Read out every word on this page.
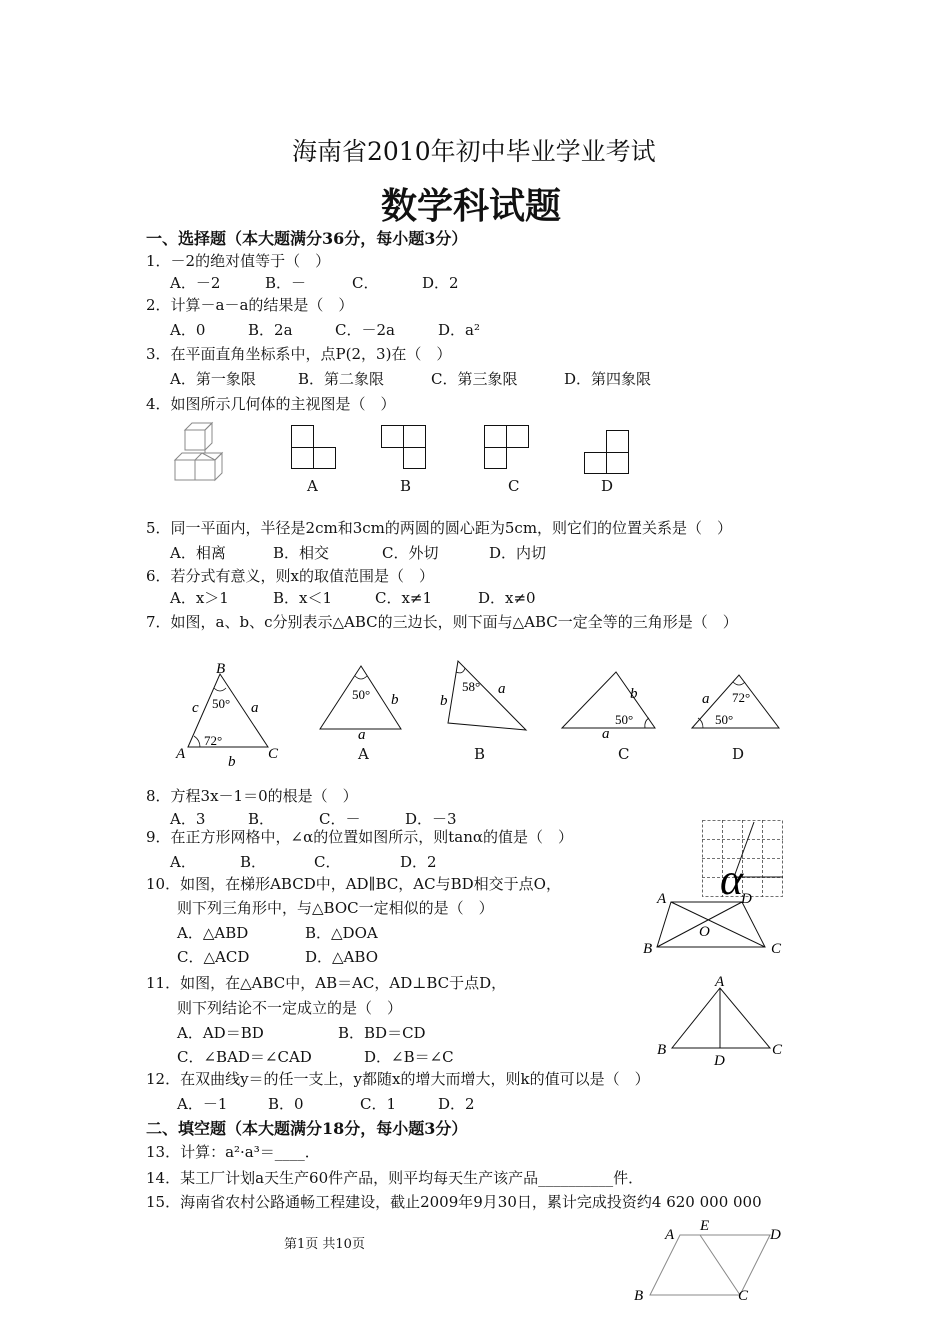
海南省2010年初中毕业学业考试
数学科试题
一、选择题（本大题满分36分，每小题3分）
1．－2的绝对值等于（　）
A．－2	B．－	C．	D．2
2．计算－a－a的结果是（　）
A．0	B．2a	C．－2a	D．a²
3．在平面直角坐标系中，点P(2，3)在（　）
A．第一象限	B．第二象限	C．第三象限	D．第四象限
4．如图所示几何体的主视图是（　）
A	B	C	D
5．同一平面内，半径是2cm和3cm的两圆的圆心距为5cm，则它们的位置关系是（　）
A．相离	B．相交	C．外切	D．内切
6．若分式有意义，则x的取值范围是（　）
A．x＞1	B．x＜1	C．x≠1	D．x≠0
7．如图，a、b、c分别表示△ABC的三边长，则下面与△ABC一定全等的三角形是（　）
B
A	C
a
b
c 50°
72°
50° b
a
A
58° a
b
B
b
50°
a
C
72°
50°
a
D
8．方程3x－1＝0的根是（　）
A．3	B．	C．－	D．－3
9．在正方形网格中，∠α的位置如图所示，则tanα的值是（　）
A．	B．	C．	D．2	α
10．如图，在梯形ABCD中，AD∥BC，AC与BD相交于点O，
则下列三角形中，与△BOC一定相似的是（　）
A．△ABD	B．△DOA
C．△ACD	D．△ABO
A	D
B	C
O
11．如图，在△ABC中，AB＝AC，AD⊥BC于点D，
则下列结论不一定成立的是（　）
A．AD＝BD	B．BD＝CD
C．∠BAD＝∠CAD	D．∠B＝∠C
A
B	C
D
12．在双曲线y＝的任一支上，y都随x的增大而增大，则k的值可以是（　）
A．－1	B．0	C．1	D．2
二、填空题（本大题满分18分，每小题3分）
13．计算：a²·a³＝____．
14．某工厂计划a天生产60件产品，则平均每天生产该产品__________件．
15．海南省农村公路通畅工程建设，截止2009年9月30日，累计完成投资约4 620 000 000
A
E
D
B	C
第1页 共10页
